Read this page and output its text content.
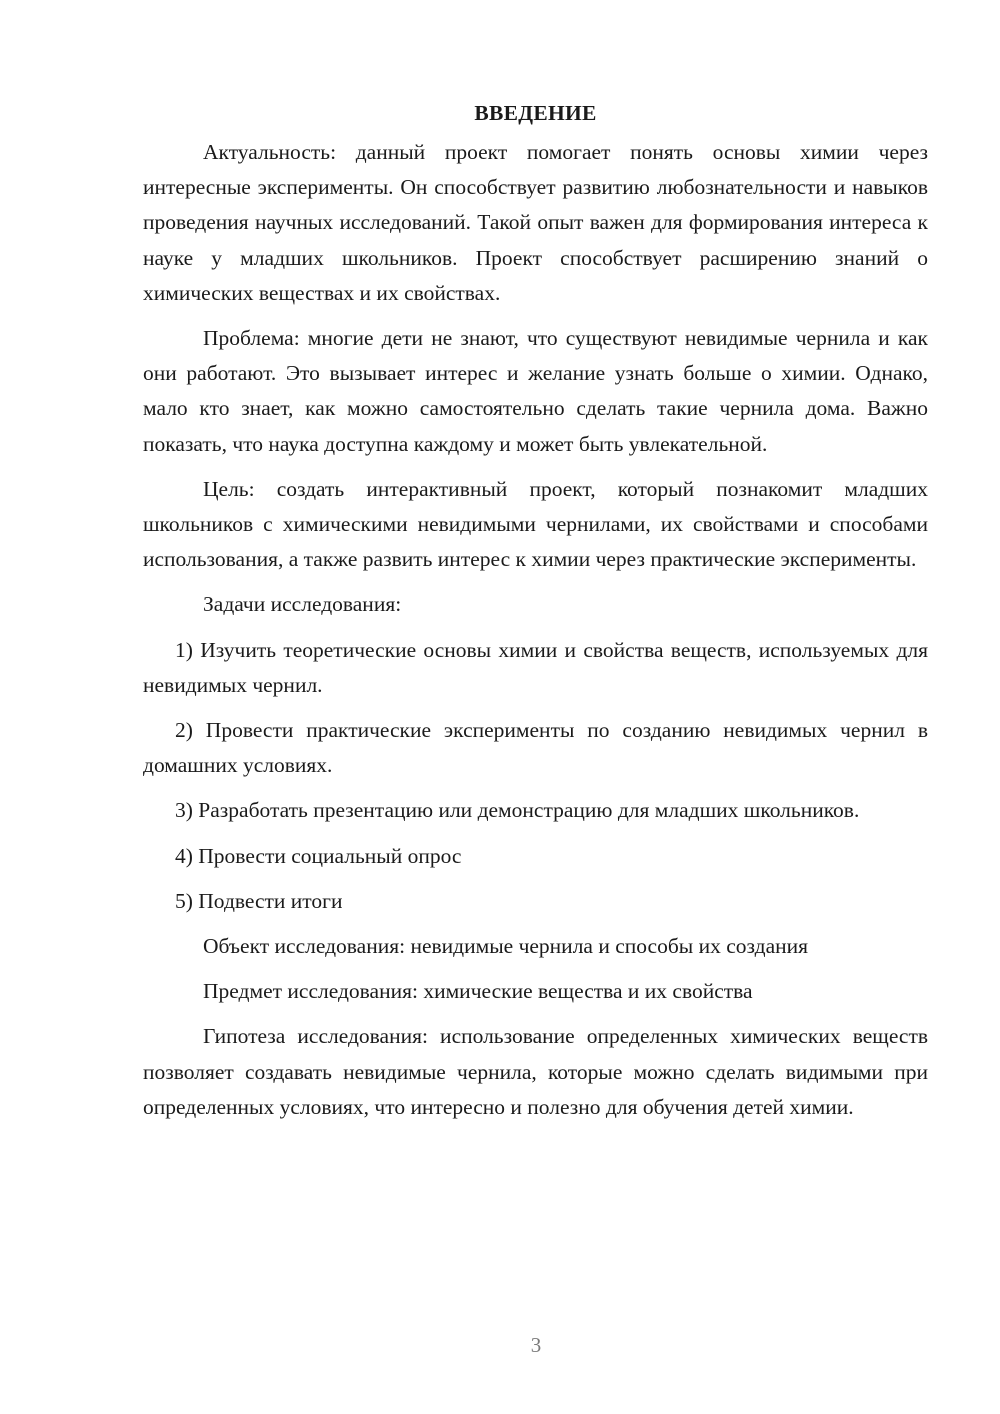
ВВЕДЕНИЕ

Актуальность: данный проект помогает понять основы химии через интересные эксперименты. Он способствует развитию любознательности и навыков проведения научных исследований. Такой опыт важен для формирования интереса к науке у младших школьников. Проект способствует расширению знаний о химических веществах и их свойствах.

Проблема: многие дети не знают, что существуют невидимые чернила и как они работают. Это вызывает интерес и желание узнать больше о химии. Однако, мало кто знает, как можно самостоятельно сделать такие чернила дома. Важно показать, что наука доступна каждому и может быть увлекательной.

Цель: создать интерактивный проект, который познакомит младших школьников с химическими невидимыми чернилами, их свойствами и способами использования, а также развить интерес к химии через практические эксперименты.

Задачи исследования:

1) Изучить теоретические основы химии и свойства веществ, используемых для невидимых чернил.

2) Провести практические эксперименты по созданию невидимых чернил в домашних условиях.

3) Разработать презентацию или демонстрацию для младших школьников.

4) Провести социальный опрос

5) Подвести итоги

Объект исследования: невидимые чернила и способы их создания

Предмет исследования: химические вещества и их свойства

Гипотеза исследования: использование определенных химических веществ позволяет создавать невидимые чернила, которые можно сделать видимыми при определенных условиях, что интересно и полезно для обучения детей химии.

3
